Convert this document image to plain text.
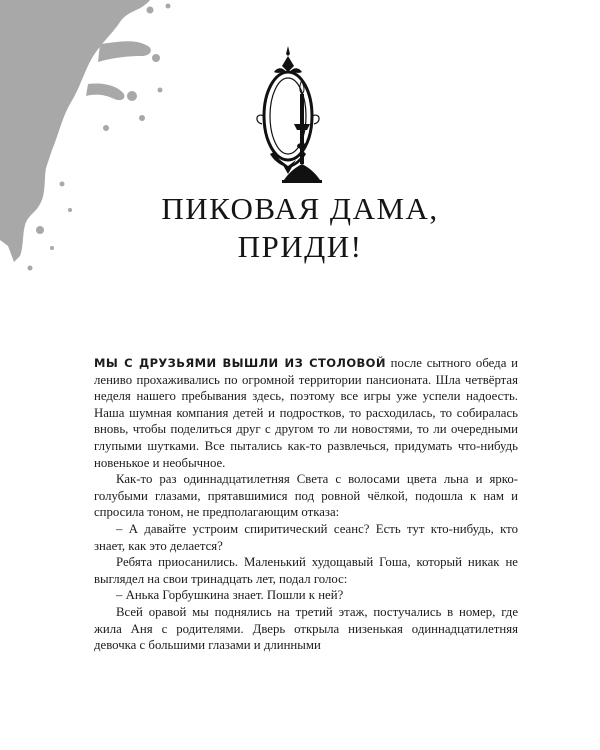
ПИКОВАЯ ДАМА,
ПРИДИ!

МЫ С ДРУЗЬЯМИ ВЫШЛИ ИЗ СТОЛОВОЙ после сытного обеда и лениво прохаживались по огромной территории пансионата. Шла четвёртая неделя нашего пребывания здесь, поэтому все игры уже успели надоесть. Наша шумная компания детей и подростков, то расходилась, то собиралась вновь, чтобы поделиться друг с другом то ли новостями, то ли очередными глупыми шутками. Все пытались как-то развлечься, придумать что-нибудь новенькое и необычное.

Как-то раз одиннадцатилетняя Света с волосами цвета льна и ярко-голубыми глазами, прятавшимися под ровной чёлкой, подошла к нам и спросила тоном, не предполагающим отказа:

– А давайте устроим спиритический сеанс? Есть тут кто-нибудь, кто знает, как это делается?

Ребята приосанились. Маленький худощавый Гоша, который никак не выглядел на свои тринадцать лет, подал голос:

– Анька Горбушкина знает. Пошли к ней?

Всей оравой мы поднялись на третий этаж, постучались в номер, где жила Аня с родителями. Дверь открыла низенькая одиннадцатилетняя девочка с большими глазами и длинными
